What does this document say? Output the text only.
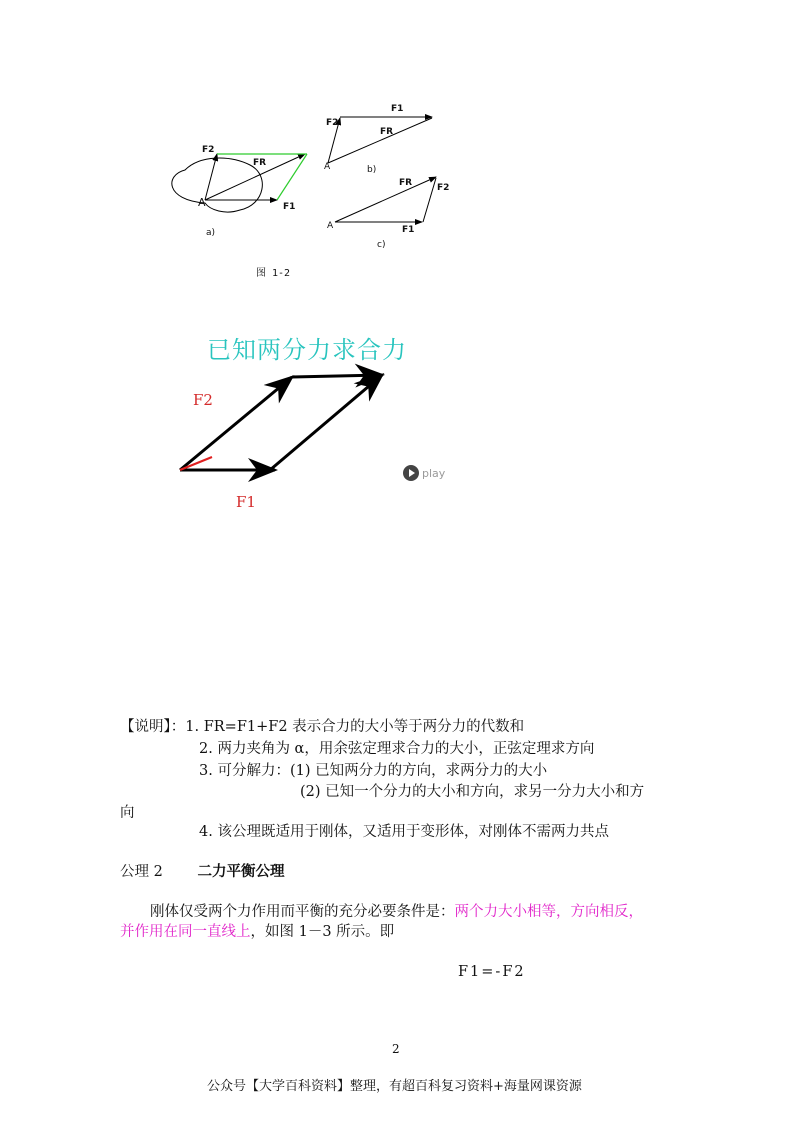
F2
FR
A	F1
a)
F1
F2
FR
A	b)
FR	F2
A	F1
c)
图 1-2
已知两分力求合力
F2
F1
play
【说明】：1. FR=F1+F2 表示合力的大小等于两分力的代数和
2. 两力夹角为 α，用余弦定理求合力的大小，正弦定理求方向
3. 可分解力：(1) 已知两分力的方向，求两分力的大小
(2) 已知一个分力的大小和方向，求另一分力大小和方
向
4. 该公理既适用于刚体，又适用于变形体，对刚体不需两力共点
公理 2 二力平衡公理
刚体仅受两个力作用而平衡的充分必要条件是：两个力大小相等，方向相反，
并作用在同一直线上，如图 1－3 所示。即
F1=-F2
2
公众号【大学百科资料】整理，有超百科复习资料+海量网课资源
